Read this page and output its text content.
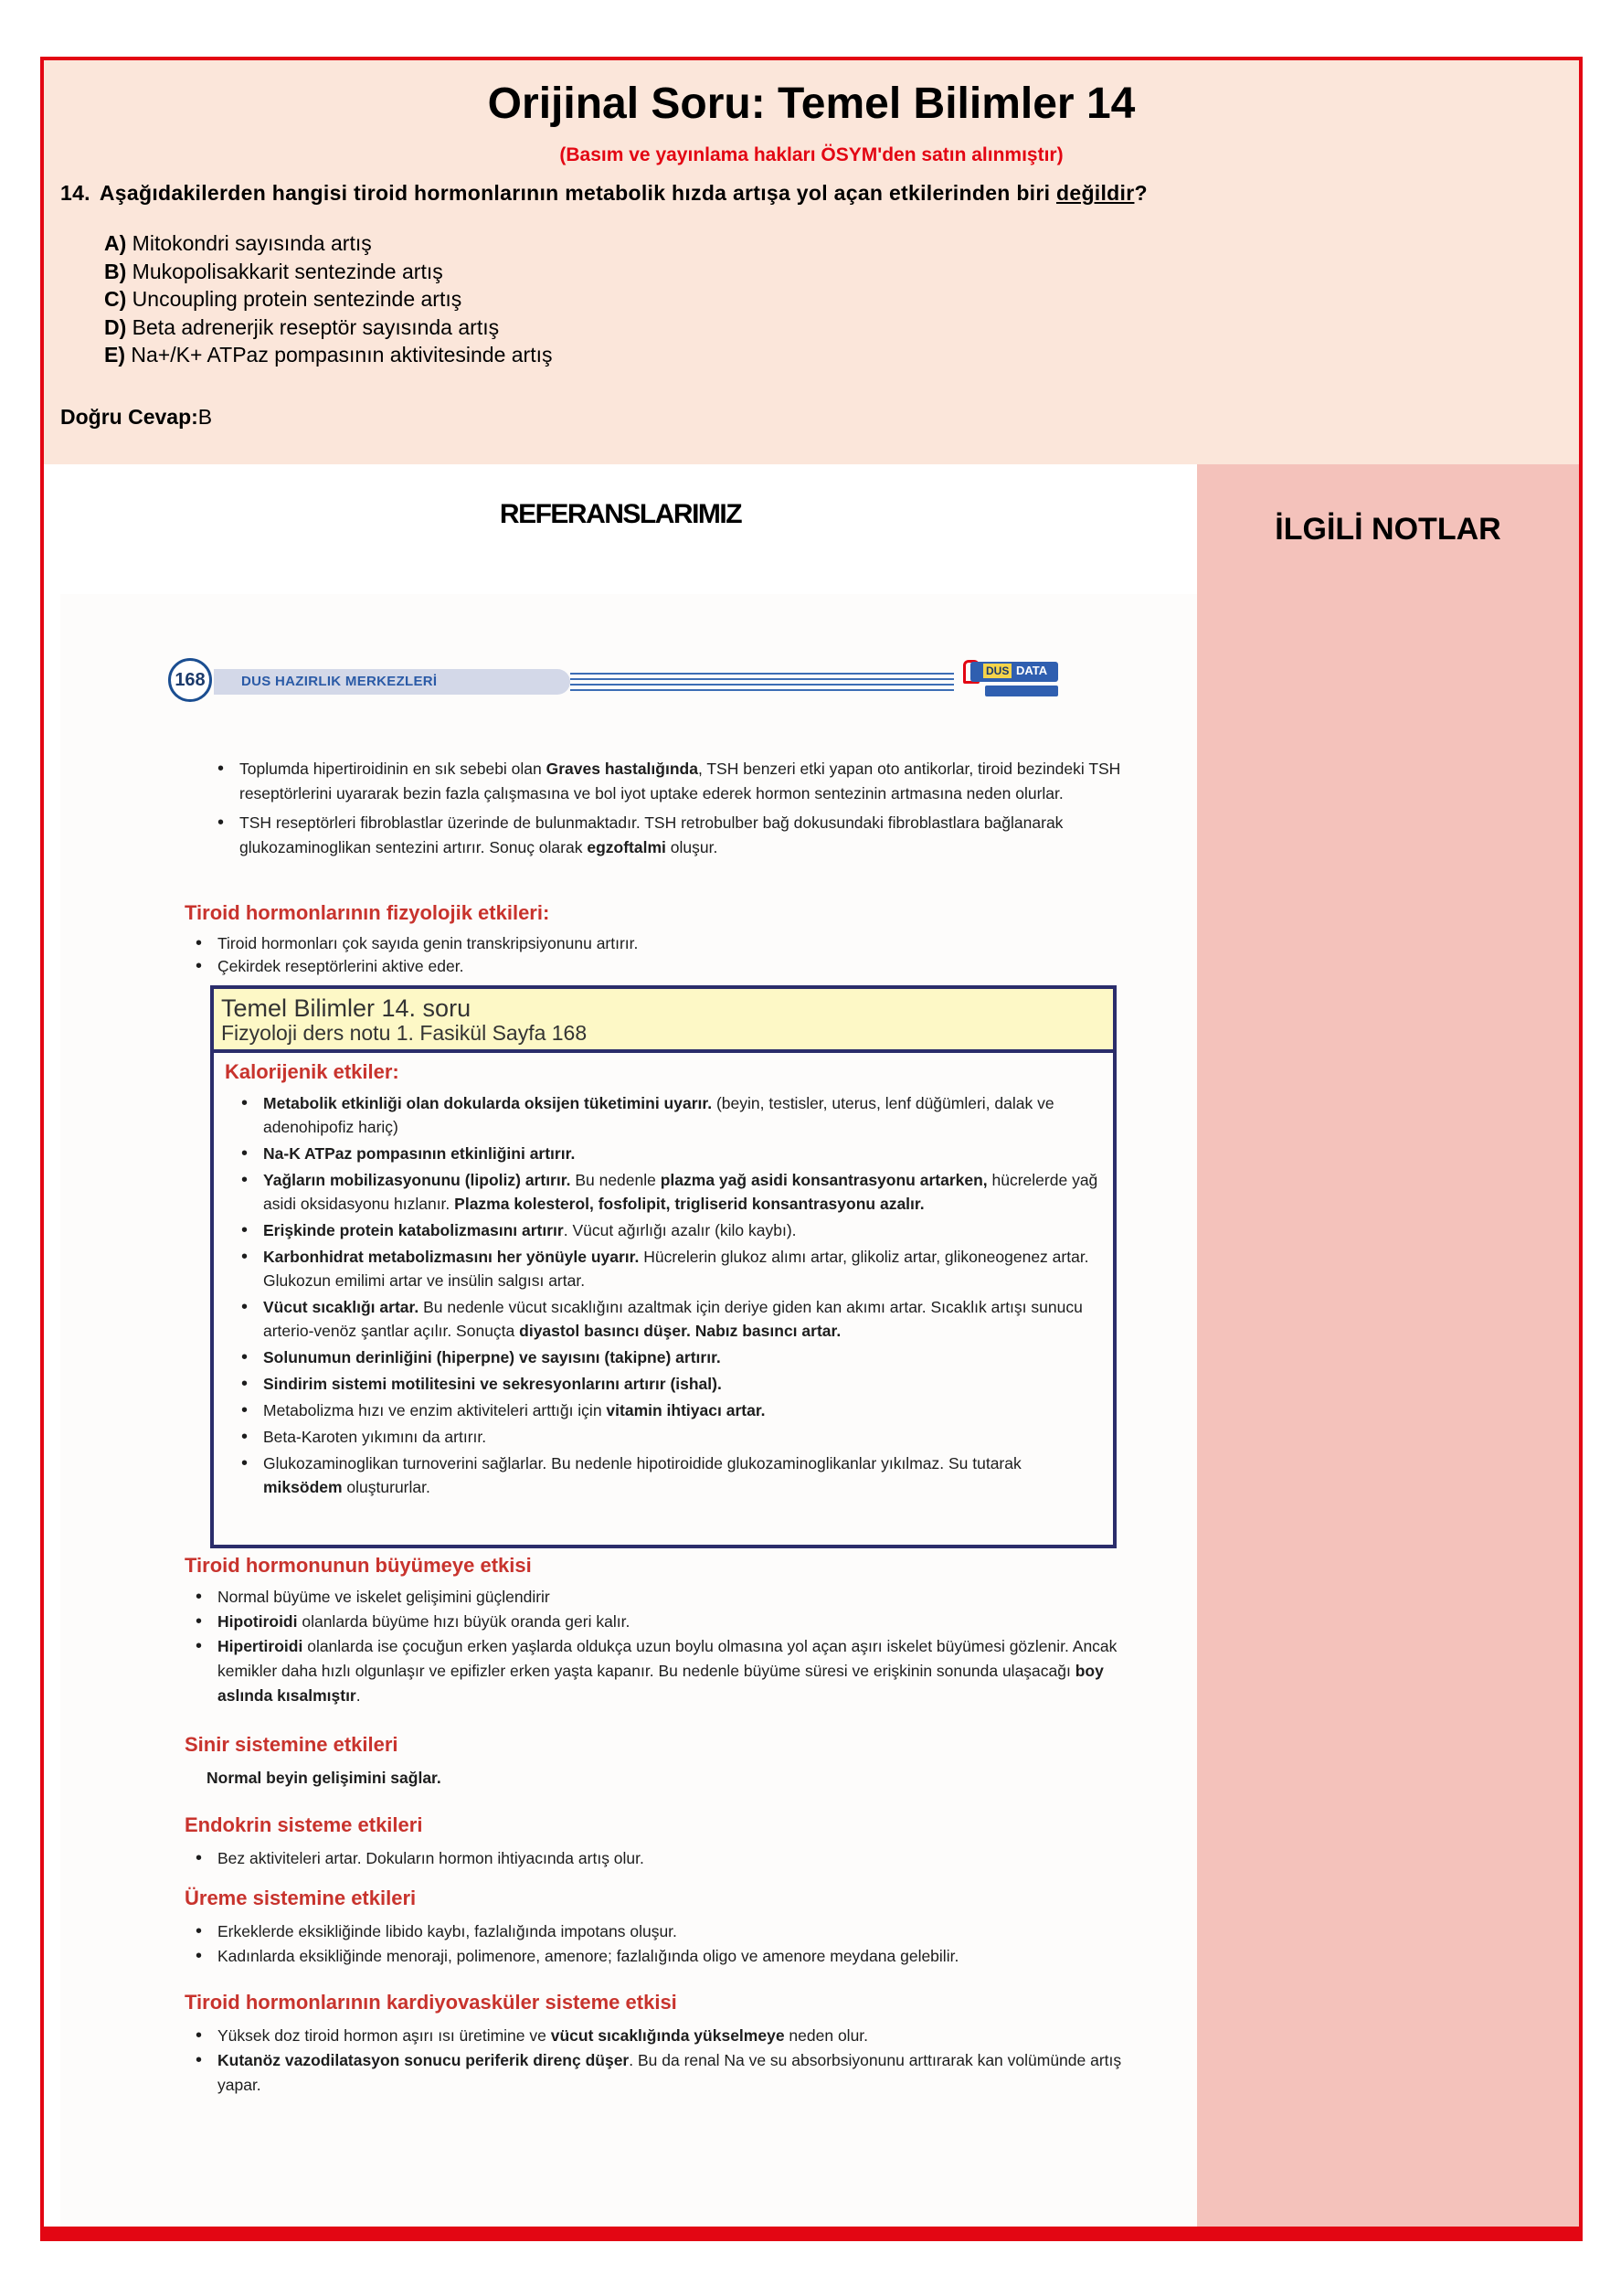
Orijinal Soru: Temel Bilimler 14
(Basım ve yayınlama hakları ÖSYM'den satın alınmıştır)
14. Aşağıdakilerden hangisi tiroid hormonlarının metabolik hızda artışa yol açan etkilerinden biri değildir?
A) Mitokondri sayısında artış
B) Mukopolisakkarit sentezinde artış
C) Uncoupling protein sentezinde artış
D) Beta adrenerjik reseptör sayısında artış
E) Na+/K+ ATPaz pompasının aktivitesinde artış
Doğru Cevap:B
REFERANSLARIMIZ	İLGİLİ NOTLAR
168	DUS HAZIRLIK MERKEZLERİ
DUS DATA
• Toplumda hipertiroidinin en sık sebebi olan Graves hastalığında, TSH benzeri etki yapan oto antikorlar, tiroid bezindeki TSH reseptörlerini uyararak bezin fazla çalışmasına ve bol iyot uptake ederek hormon sentezinin artmasına neden olurlar.
• TSH reseptörleri fibroblastlar üzerinde de bulunmaktadır. TSH retrobulber bağ dokusundaki fibroblastlara bağlanarak glukozaminoglikan sentezini artırır. Sonuç olarak egzoftalmi oluşur.
Tiroid hormonlarının fizyolojik etkileri:
• Tiroid hormonları çok sayıda genin transkripsiyonunu artırır.
• Çekirdek reseptörlerini aktive eder.
Temel Bilimler 14. soru
Fizyoloji ders notu 1. Fasikül Sayfa 168
Kalorijenik etkiler:
• Metabolik etkinliği olan dokularda oksijen tüketimini uyarır. (beyin, testisler, uterus, lenf düğümleri, dalak ve adenohipofiz hariç)
• Na-K ATPaz pompasının etkinliğini artırır.
• Yağların mobilizasyonunu (lipoliz) artırır. Bu nedenle plazma yağ asidi konsantrasyonu artarken, hücrelerde yağ asidi oksidasyonu hızlanır. Plazma kolesterol, fosfolipit, trigliserid konsantrasyonu azalır.
• Erişkinde protein katabolizmasını artırır. Vücut ağırlığı azalır (kilo kaybı).
• Karbonhidrat metabolizmasını her yönüyle uyarır. Hücrelerin glukoz alımı artar, glikoliz artar, glikoneogenez artar. Glukozun emilimi artar ve insülin salgısı artar.
• Vücut sıcaklığı artar. Bu nedenle vücut sıcaklığını azaltmak için deriye giden kan akımı artar. Sıcaklık artışı sunucu arterio-venöz şantlar açılır. Sonuçta diyastol basıncı düşer. Nabız basıncı artar.
• Solunumun derinliğini (hiperpne) ve sayısını (takipne) artırır.
• Sindirim sistemi motilitesini ve sekresyonlarını artırır (ishal).
• Metabolizma hızı ve enzim aktiviteleri arttığı için vitamin ihtiyacı artar.
• Beta-Karoten yıkımını da artırır.
• Glukozaminoglikan turnoverini sağlarlar. Bu nedenle hipotiroidide glukozaminoglikanlar yıkılmaz. Su tutarak miksödem oluştururlar.
Tiroid hormonunun büyümeye etkisi
• Normal büyüme ve iskelet gelişimini güçlendirir
• Hipotiroidi olanlarda büyüme hızı büyük oranda geri kalır.
• Hipertiroidi olanlarda ise çocuğun erken yaşlarda oldukça uzun boylu olmasına yol açan aşırı iskelet büyümesi gözlenir. Ancak kemikler daha hızlı olgunlaşır ve epifizler erken yaşta kapanır. Bu nedenle büyüme süresi ve erişkinin sonunda ulaşacağı boy aslında kısalmıştır.
Sinir sistemine etkileri
Normal beyin gelişimini sağlar.
Endokrin sisteme etkileri
• Bez aktiviteleri artar. Dokuların hormon ihtiyacında artış olur.
Üreme sistemine etkileri
• Erkeklerde eksikliğinde libido kaybı, fazlalığında impotans oluşur.
• Kadınlarda eksikliğinde menoraji, polimenore, amenore; fazlalığında oligo ve amenore meydana gelebilir.
Tiroid hormonlarının kardiyovasküler sisteme etkisi
• Yüksek doz tiroid hormon aşırı ısı üretimine ve vücut sıcaklığında yükselmeye neden olur.
• Kutanöz vazodilatasyon sonucu periferik direnç düşer. Bu da renal Na ve su absorbsiyonunu arttırarak kan volümünde artış yapar.
